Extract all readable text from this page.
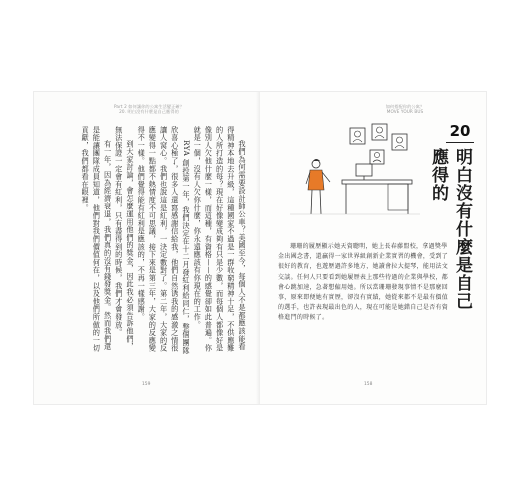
Part 2 如何讓你的公寓生活變正確？
20. 明白沒有什麼是自己應得的

我們為何需要設計師公車？美國至今，每個人不是都應該能看得精神本地去升級，這種國家不過是一群收窮精神十足，不供應難的人所打造的每？現在好像變成夠有只是少數，而每個人都像好是像別人欠他什麼一樣，而這種，有資格——的感覺卻如此普遍。你就是一個，沒有人欠你什麼，你永遠應該有你現在的工作。

RYA 創投第一年，我們決定在十二月發紅利給同仁，整個團隊欣喜心極了，很多人還寫感謝信給我，他們自然诱我的感激之情很讓人窝心。我們也說這是紅利，一決定數對了。第二年，大家的反應變得一點都不熱情度不可思議，接下來是第三年，大家的反應變得不一樣。他們覺得能有紅利是應該的，不再一樣感謝。

到大家討論，會怎麼運用他們的獎金，因此我必須告訴他們，無法保證一定會有紅利，只有盡得到的時候，我們才會發放。

有一年，因為經濟衰退，我們真的沒有錢發獎金。然而我們還是能讓團隊成員知道，他們對我們價值何在，以及他們所做的一切貢獻，我們都看在眼裡。

159
如何搭配你的公寓？
MOVE YOUR BUS
20
明白沒有什麼是自己應得的

珊珊的履歷顯示她天資聰明，她上長春藤盟校，拿過獎學金出國念書，還贏得一家世界級創新企業實習的機會，受到了很好的教育，也遊歷過許多地方，她讀會拉大提琴，能用法文交談。任何人只要看到她履歷表上那些待過的企業與學校，都會心跳加速，急著想僱用她。所以當珊珊發現事情不是那麼回事，原來即便她有實歷，卻沒有實績，她從來都不是最有價值的選手，也許表現最出色的人，現在可能是她錯自己是否有資格進門的時候了。

158
